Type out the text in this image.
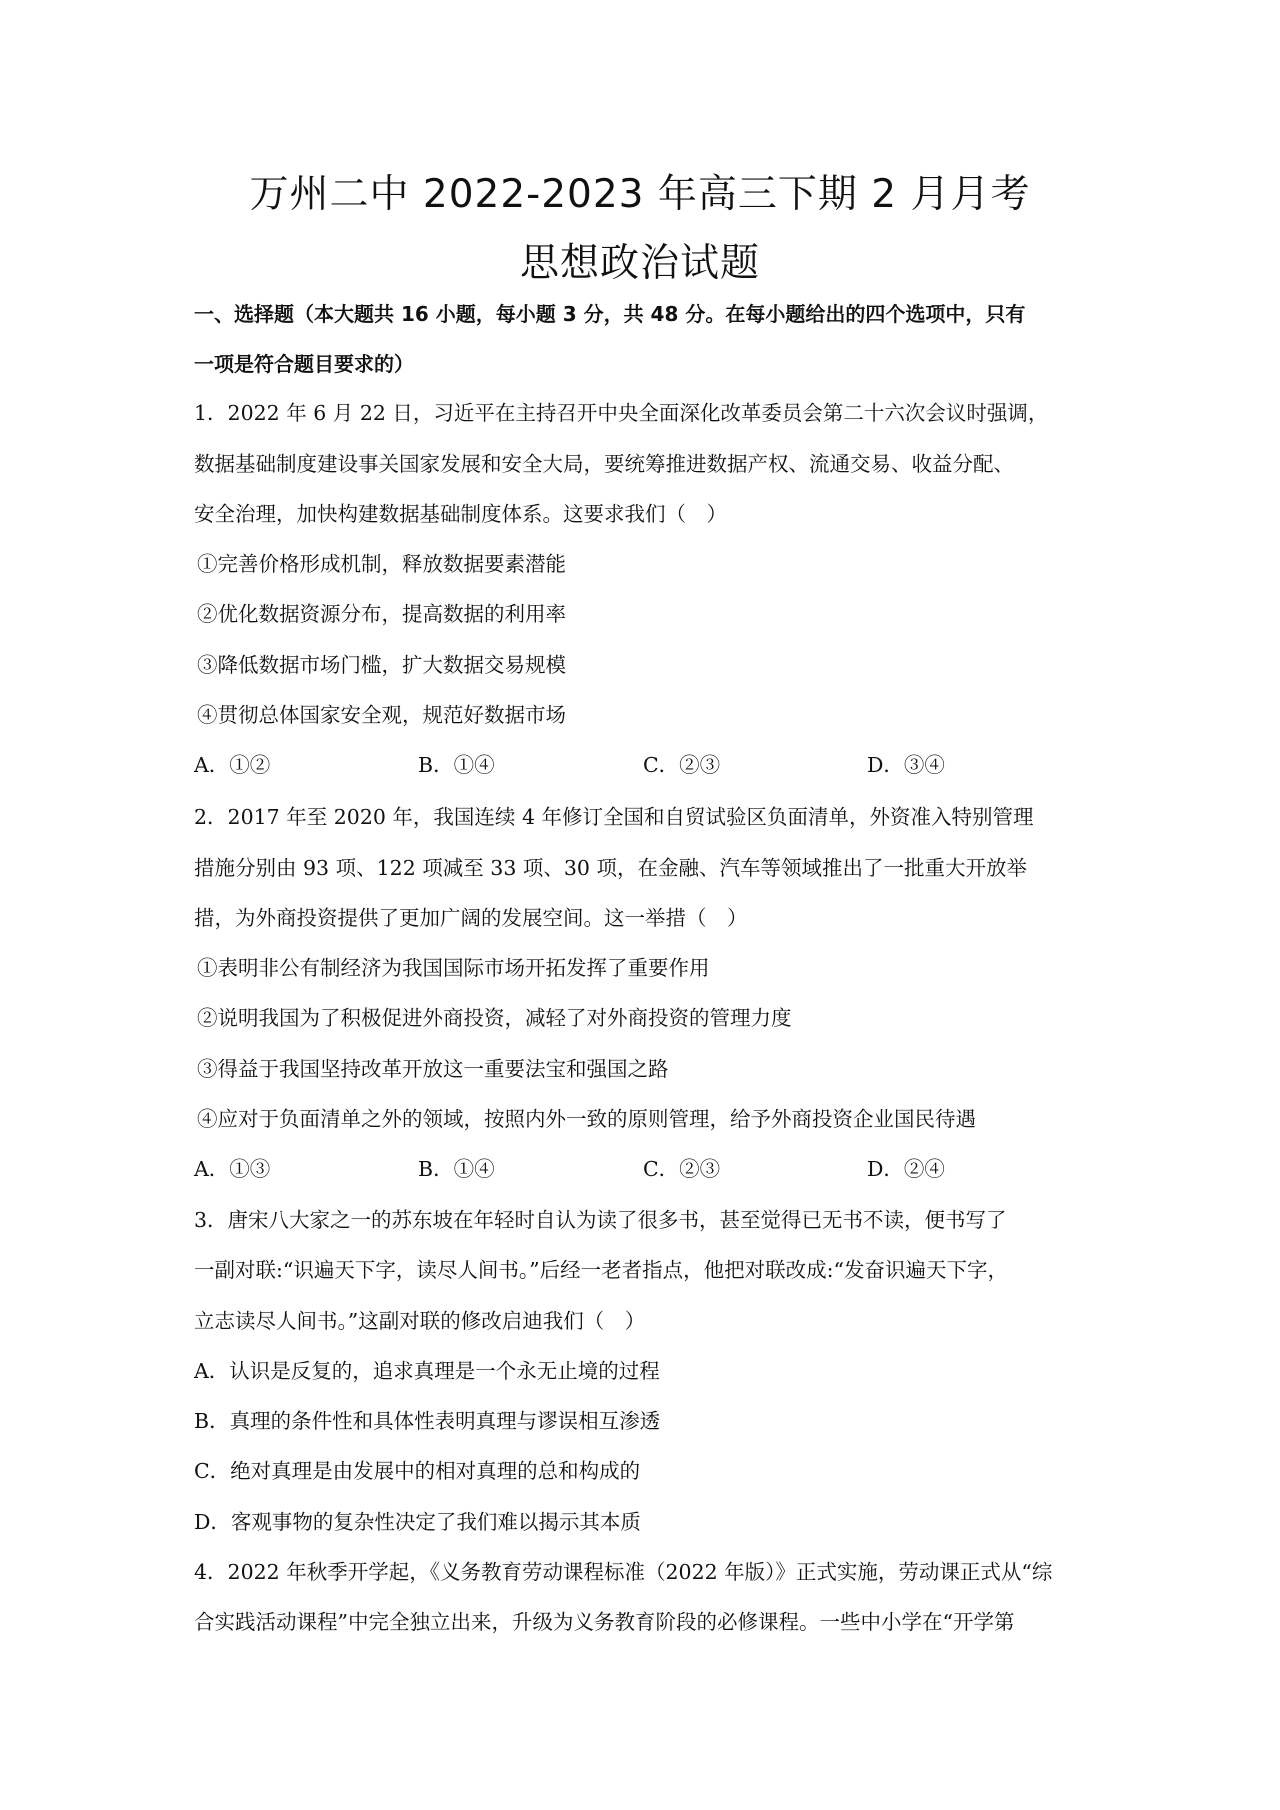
万州二中 2022-2023 年高三下期 2 月月考
思想政治试题
一、选择题（本大题共 16 小题，每小题 3 分，共 48 分。在每小题给出的四个选项中，只有
一项是符合题目要求的）
1．2022 年 6 月 22 日，习近平在主持召开中央全面深化改革委员会第二十六次会议时强调，
数据基础制度建设事关国家发展和安全大局，要统筹推进数据产权、流通交易、收益分配、
安全治理，加快构建数据基础制度体系。这要求我们（　）
①完善价格形成机制，释放数据要素潜能
②优化数据资源分布，提高数据的利用率
③降低数据市场门槛，扩大数据交易规模
④贯彻总体国家安全观，规范好数据市场
A．①②	B．①④	C．②③	D．③④
2．2017 年至 2020 年，我国连续 4 年修订全国和自贸试验区负面清单，外资准入特别管理
措施分别由 93 项、122 项减至 33 项、30 项，在金融、汽车等领域推出了一批重大开放举
措，为外商投资提供了更加广阔的发展空间。这一举措（　）
①表明非公有制经济为我国国际市场开拓发挥了重要作用
②说明我国为了积极促进外商投资，减轻了对外商投资的管理力度
③得益于我国坚持改革开放这一重要法宝和强国之路
④应对于负面清单之外的领域，按照内外一致的原则管理，给予外商投资企业国民待遇
A．①③	B．①④	C．②③	D．②④
3．唐宋八大家之一的苏东坡在年轻时自认为读了很多书，甚至觉得已无书不读，便书写了
一副对联:“识遍天下字，读尽人间书。”后经一老者指点，他把对联改成:“发奋识遍天下字，
立志读尽人间书。”这副对联的修改启迪我们（　）
A．认识是反复的，追求真理是一个永无止境的过程
B．真理的条件性和具体性表明真理与谬误相互渗透
C．绝对真理是由发展中的相对真理的总和构成的
D．客观事物的复杂性决定了我们难以揭示其本质
4．2022 年秋季开学起，《义务教育劳动课程标准（2022 年版）》正式实施，劳动课正式从“综
合实践活动课程”中完全独立出来，升级为义务教育阶段的必修课程。一些中小学在“开学第
